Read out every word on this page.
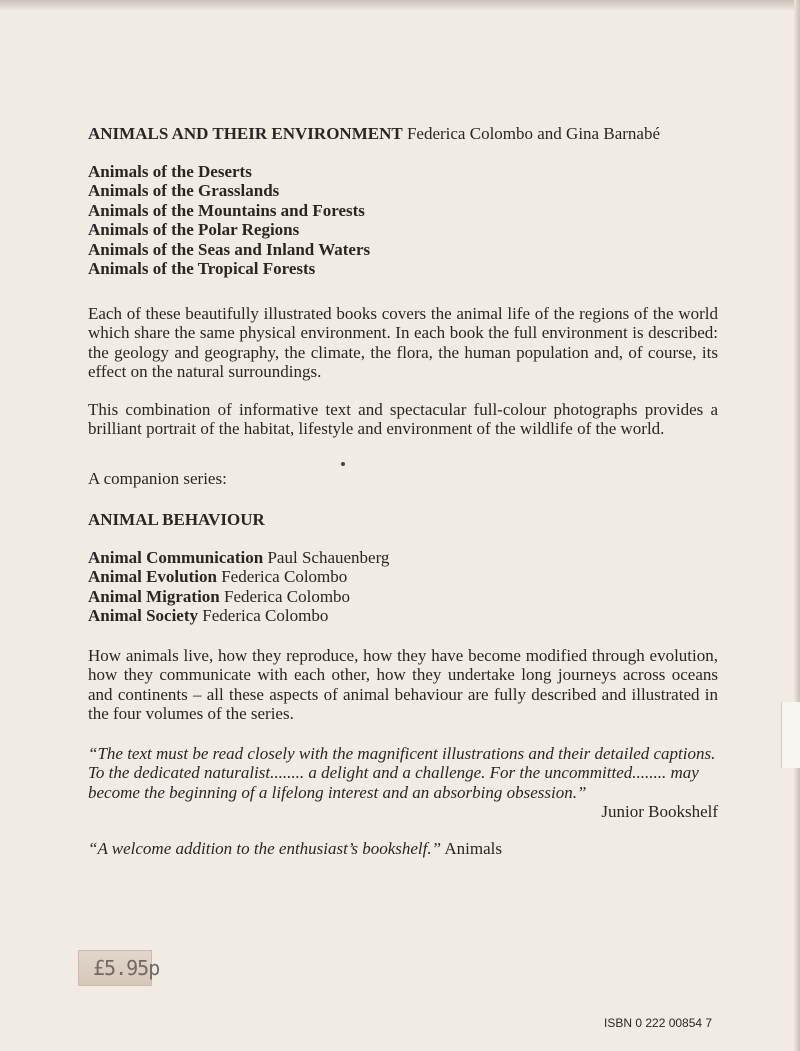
ANIMALS AND THEIR ENVIRONMENT Federica Colombo and Gina Barnabé

Animals of the Deserts
Animals of the Grasslands
Animals of the Mountains and Forests
Animals of the Polar Regions
Animals of the Seas and Inland Waters
Animals of the Tropical Forests

Each of these beautifully illustrated books covers the animal life of the regions of the world which share the same physical environment. In each book the full environment is described: the geology and geography, the climate, the flora, the human population and, of course, its effect on the natural surroundings.

This combination of informative text and spectacular full-colour photographs provides a brilliant portrait of the habitat, lifestyle and environment of the wildlife of the world.

A companion series:

ANIMAL BEHAVIOUR

Animal Communication Paul Schauenberg
Animal Evolution Federica Colombo
Animal Migration Federica Colombo
Animal Society Federica Colombo

How animals live, how they reproduce, how they have become modified through evolution, how they communicate with each other, how they undertake long journeys across oceans and continents – all these aspects of animal behaviour are fully described and illustrated in the four volumes of the series.

“The text must be read closely with the magnificent illustrations and their detailed captions. To the dedicated naturalist........ a delight and a challenge. For the uncommitted........ may become the beginning of a lifelong interest and an absorbing obsession.”

Junior Bookshelf

“A welcome addition to the enthusiast’s bookshelf.” Animals

£5.95p
ISBN 0 222 00854 7
